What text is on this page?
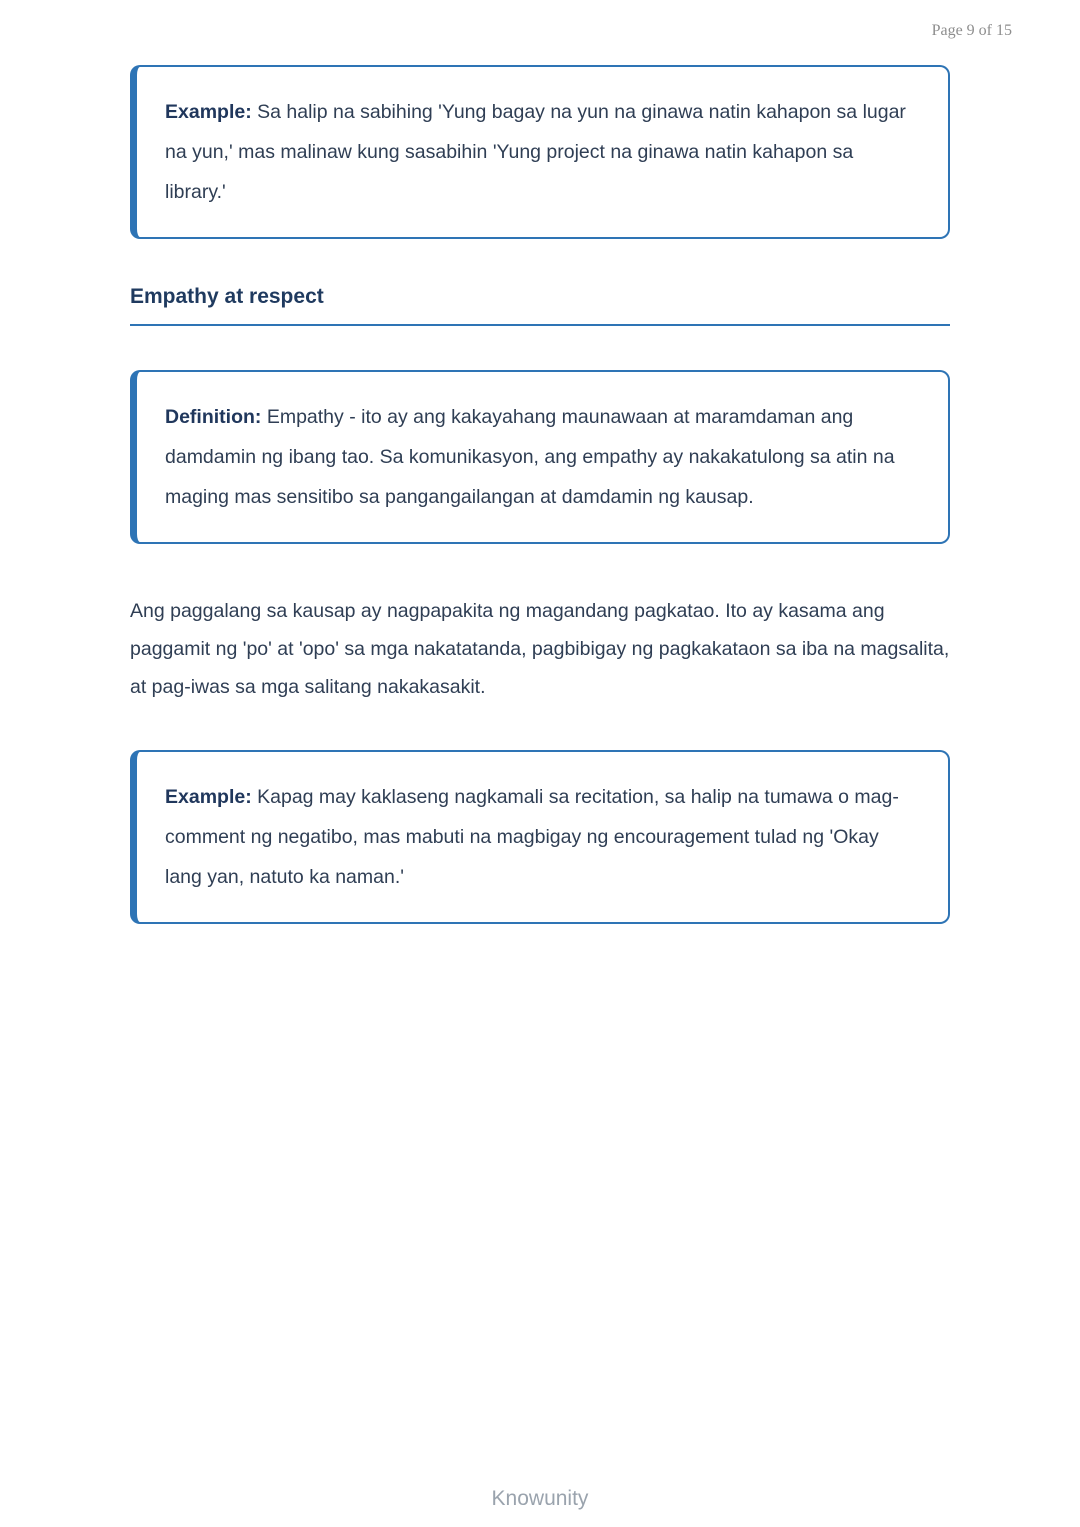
Page 9 of 15
Example: Sa halip na sabihing 'Yung bagay na yun na ginawa natin kahapon sa lugar na yun,' mas malinaw kung sasabihin 'Yung project na ginawa natin kahapon sa library.'
Empathy at respect
Definition: Empathy - ito ay ang kakayahang maunawaan at maramdaman ang damdamin ng ibang tao. Sa komunikasyon, ang empathy ay nakakatulong sa atin na maging mas sensitibo sa pangangailangan at damdamin ng kausap.

Ang paggalang sa kausap ay nagpapakita ng magandang pagkatao. Ito ay kasama ang paggamit ng 'po' at 'opo' sa mga nakatatanda, pagbibigay ng pagkakataon sa iba na magsalita, at pag-iwas sa mga salitang nakakasakit.

Example: Kapag may kaklaseng nagkamali sa recitation, sa halip na tumawa o mag-comment ng negatibo, mas mabuti na magbigay ng encouragement tulad ng 'Okay lang yan, natuto ka naman.'
Knowunity
